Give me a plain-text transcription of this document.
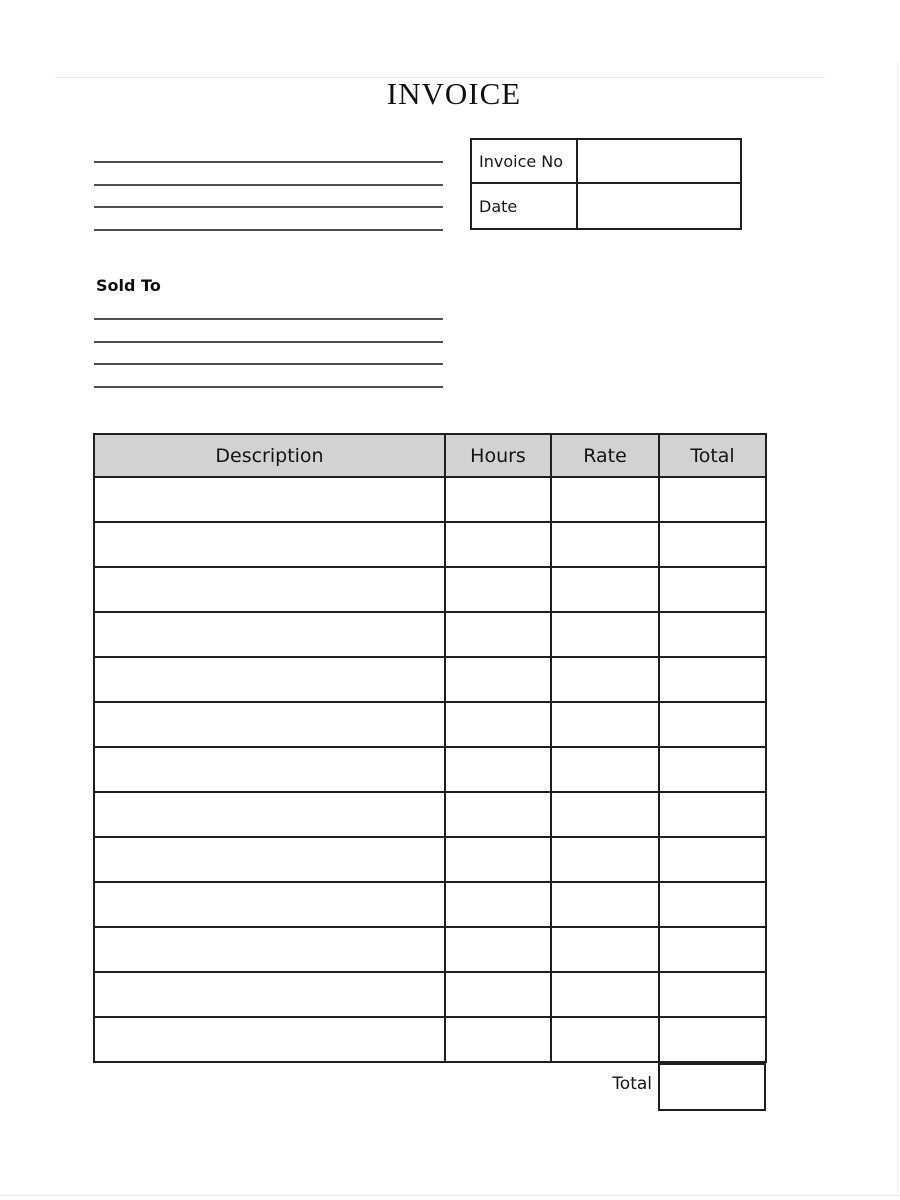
INVOICE
Invoice No
Date
Sold To
Description	Hours	Rate	Total

Total
